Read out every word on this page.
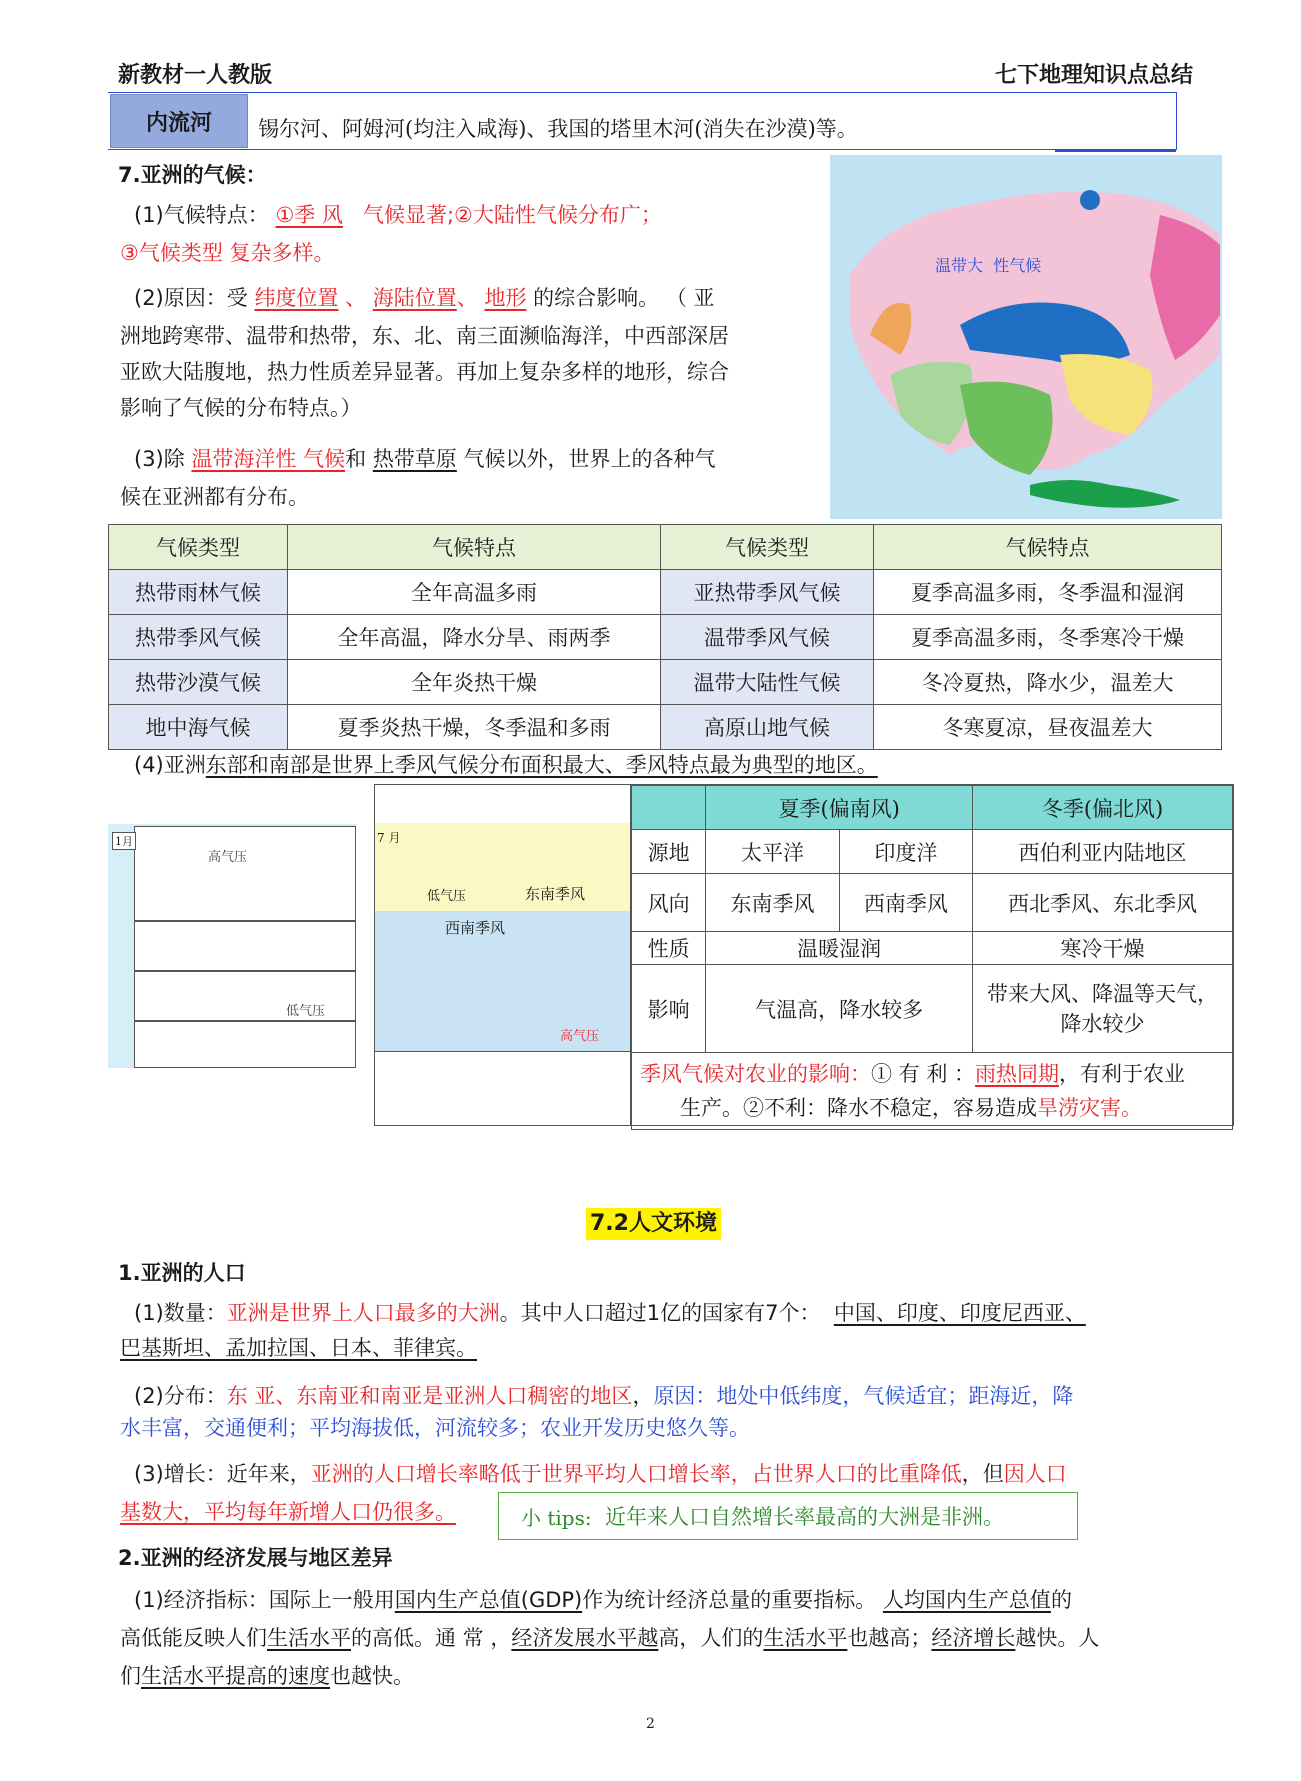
新教材一人教版	七下地理知识点总结
内流河	锡尔河、阿姆河(均注入咸海)、我国的塔里木河(消失在沙漠)等。
7.亚洲的气候：
(1)气候特点： ①季 风 气候显著;②大陆性气候分布广；
③气候类型 复杂多样。
(2)原因：受 纬度位置 、 海陆位置、 地形 的综合影响。 （ 亚
洲地跨寒带、温带和热带，东、北、南三面濒临海洋，中西部深居
亚欧大陆腹地，热力性质差异显著。再加上复杂多样的地形，综合
影响了气候的分布特点。）
(3)除 温带海洋性 气候和 热带草原 气候以外，世界上的各种气
候在亚洲都有分布。
温带大 性气候
气候类型	气候特点	气候类型	气候特点
热带雨林气候	全年高温多雨	亚热带季风气候	夏季高温多雨，冬季温和湿润
热带季风气候	全年高温，降水分旱、雨两季	温带季风气候	夏季高温多雨，冬季寒冷干燥
热带沙漠气候	全年炎热干燥	温带大陆性气候	冬冷夏热，降水少，温差大
地中海气候	夏季炎热干燥，冬季温和多雨	高原山地气候	冬寒夏凉，昼夜温差大
(4)亚洲东部和南部是世界上季风气候分布面积最大、季风特点最为典型的地区。
1月
高气压
低气压
7 月
低气压	东南季风
西南季风
高气压
	夏季(偏南风)		冬季(偏北风)
源地	太平洋	印度洋	西伯利亚内陆地区
风向	东南季风	西南季风	西北季风、东北季风
性质	温暖湿润		寒冷干燥
影响	气温高，降水较多		带来大风、降温等天气，
降水较少
季风气候对农业的影响：① 有 利 ：雨热同期，有利于农业
生产。②不利：降水不稳定，容易造成旱涝灾害。			
7.2人文环境
1.亚洲的人口
(1)数量：亚洲是世界上人口最多的大洲。其中人口超过1亿的国家有7个： 中国、印度、印度尼西亚、
巴基斯坦、孟加拉国、日本、菲律宾。
(2)分布：东 亚、东南亚和南亚是亚洲人口稠密的地区，原因：地处中低纬度，气候适宜；距海近，降
水丰富，交通便利；平均海拔低，河流较多；农业开发历史悠久等。
(3)增长：近年来，亚洲的人口增长率略低于世界平均人口增长率，占世界人口的比重降低，但因人口
基数大，平均每年新增人口仍很多。	小 tips:
近年来人口自然增长率最高的大洲是非洲。
2.亚洲的经济发展与地区差异
(1)经济指标：国际上一般用国内生产总值(GDP)作为统计经济总量的重要指标。 人均国内生产总值的
高低能反映人们生活水平的高低。通 常 ，经济发展水平越高，人们的生活水平也越高；经济增长越快。人
们生活水平提高的速度也越快。
2
